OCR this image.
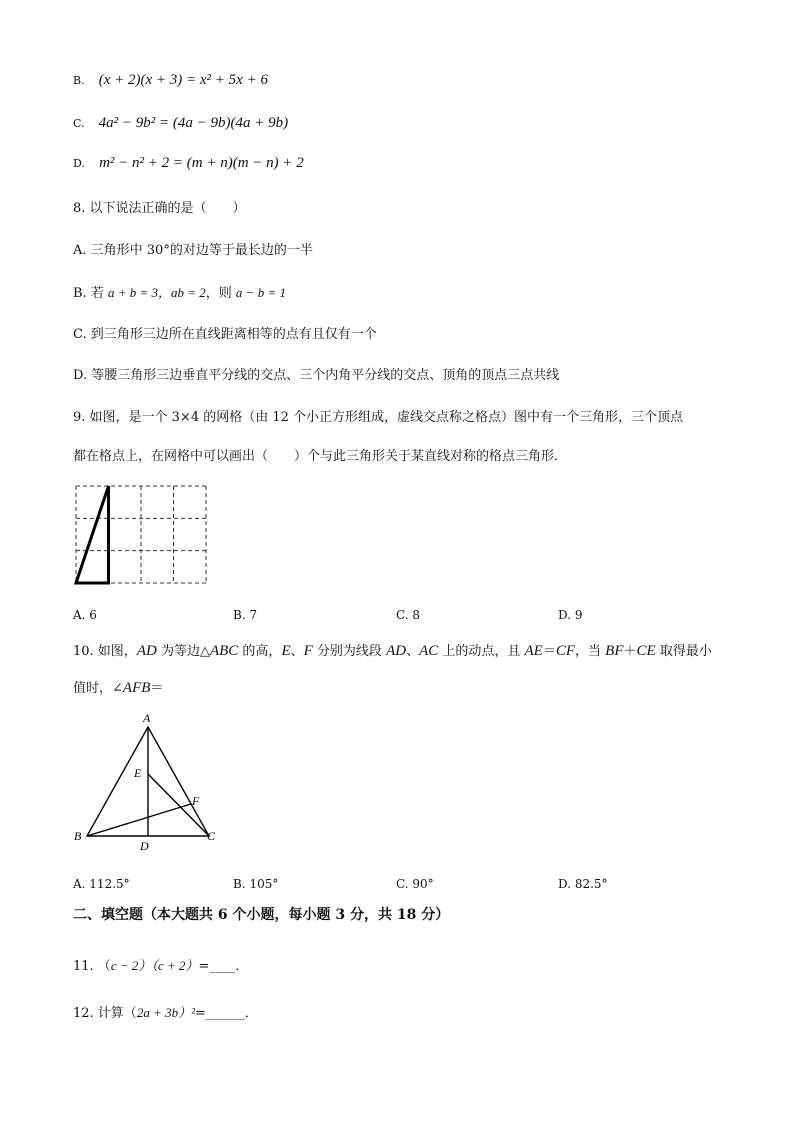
B. (x + 2)(x + 3) = x² + 5x + 6
C. 4a² − 9b² = (4a − 9b)(4a + 9b)
D. m² − n² + 2 = (m + n)(m − n) + 2
8. 以下说法正确的是（　　）
A. 三角形中 30°的对边等于最长边的一半
B. 若 a + b = 3，ab = 2，则 a − b = 1
C. 到三角形三边所在直线距离相等的点有且仅有一个
D. 等腰三角形三边垂直平分线的交点、三个内角平分线的交点、顶角的顶点三点共线
9. 如图，是一个 3×4 的网格（由 12 个小正方形组成，虚线交点称之格点）图中有一个三角形，三个顶点
都在格点上，在网格中可以画出（　　）个与此三角形关于某直线对称的格点三角形．
A. 6	B. 7	C. 8	D. 9
10. 如图，AD 为等边△ABC 的高，E、F 分别为线段 AD、AC 上的动点，且 AE＝CF，当 BF＋CE 取得最小
值时，∠AFB＝
A
B	C
D
E
F
A. 112.5°	B. 105°	C. 90°	D. 82.5°
二、填空题（本大题共 6 个小题，每小题 3 分，共 18 分）
11. （c − 2）（c + 2）=____．
12. 计算（2a + 3b）²=______．
